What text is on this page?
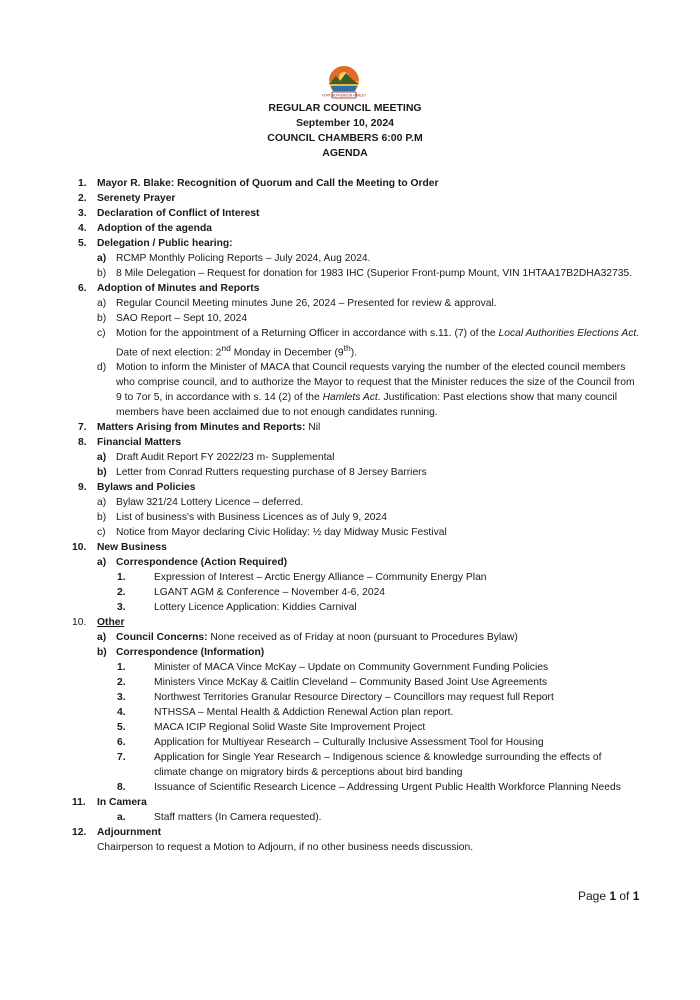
FORT MCPHERSON HAMLET
REGULAR COUNCIL MEETING
September 10, 2024
COUNCIL CHAMBERS 6:00 P.M
AGENDA
1. Mayor R. Blake: Recognition of Quorum and Call the Meeting to Order
2. Serenety Prayer
3. Declaration of Conflict of Interest
4. Adoption of the agenda
5. Delegation / Public hearing:
a) RCMP Monthly Policing Reports – July 2024, Aug 2024.
b) 8 Mile Delegation – Request for donation for 1983 IHC (Superior Front-pump Mount, VIN 1HTAA17B2DHA32735.
6. Adoption of Minutes and Reports
a) Regular Council Meeting minutes June 26, 2024 – Presented for review & approval.
b) SAO Report – Sept 10, 2024
c) Motion for the appointment of a Returning Officer in accordance with s.11. (7) of the Local Authorities Elections Act. Date of next election: 2nd Monday in December (9th).
d) Motion to inform the Minister of MACA that Council requests varying the number of the elected council members who comprise council, and to authorize the Mayor to request that the Minister reduces the size of the Council from 9 to 7or 5, in accordance with s. 14 (2) of the Hamlets Act. Justification: Past elections show that many council members have been acclaimed due to not enough candidates running.
7. Matters Arising from Minutes and Reports: Nil
8. Financial Matters
a) Draft Audit Report FY 2022/23 m- Supplemental
b) Letter from Conrad Rutters requesting purchase of 8 Jersey Barriers
9. Bylaws and Policies
a) Bylaw 321/24 Lottery Licence – deferred.
b) List of business's with Business Licences as of July 9, 2024
c) Notice from Mayor declaring Civic Holiday: ½ day Midway Music Festival
10. New Business
a) Correspondence (Action Required)
1.	Expression of Interest – Arctic Energy Alliance – Community Energy Plan
2.	LGANT AGM & Conference – November 4-6, 2024
3.	Lottery Licence Application: Kiddies Carnival
10. Other
a) Council Concerns: None received as of Friday at noon (pursuant to Procedures Bylaw)
b) Correspondence (Information)
1.	Minister of MACA Vince McKay – Update on Community Government Funding Policies
2.	Ministers Vince McKay & Caitlin Cleveland – Community Based Joint Use Agreements
3.	Northwest Territories Granular Resource Directory – Councillors may request full Report
4.	NTHSSA – Mental Health & Addiction Renewal Action plan report.
5.	MACA ICIP Regional Solid Waste Site Improvement Project
6.	Application for Multiyear Research – Culturally Inclusive Assessment Tool for Housing
7.	Application for Single Year Research – Indigenous science & knowledge surrounding the effects of climate change on migratory birds & perceptions about bird banding
8.	Issuance of Scientific Research Licence – Addressing Urgent Public Health Workforce Planning Needs
11. In Camera
a.	Staff matters (In Camera requested).
12. Adjournment
Chairperson to request a Motion to Adjourn, if no other business needs discussion.
Page 1 of 1
